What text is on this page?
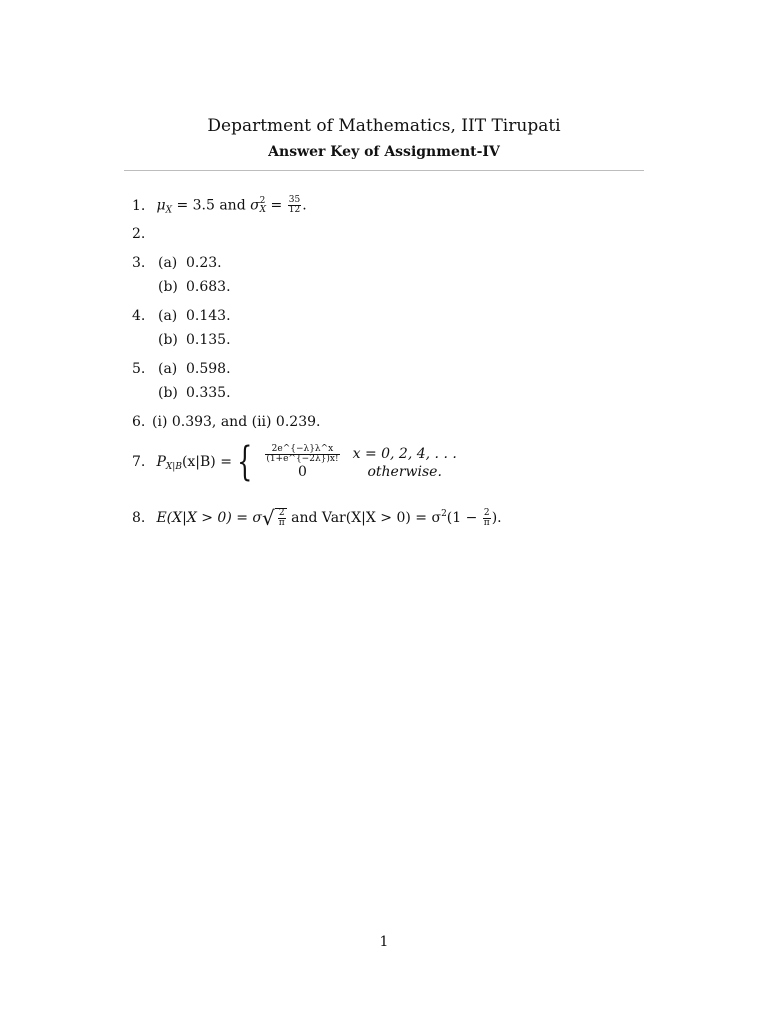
Department of Mathematics, IIT Tirupati
Answer Key of Assignment-IV
1. $\mu_X = 3.5$ and σ 2
$X = \frac{35}{12}$ .
2.
3. (a) 0.23.
(b) 0.683.
4. (a) 0.143.
(b) 0.135.
5. (a) 0.598.
(b) 0.335.
6. (i) 0.393, and (ii) 0.239.
7. $P_{X|B}(x|B)$ = { $\frac{2e\^{}\{-\lambda\}\lambda\^{}x}{(1+e\^{}\{-2\lambda\})x!}$	x = 0, 2, 4, . . .
0	otherwise.
8. $E(X|X > 0) = \sigma√ \frac{2}{\pi}$ and $Var(X|X > 0) = \sigma^2(1 - \frac{2}{\pi}$ ).
1
